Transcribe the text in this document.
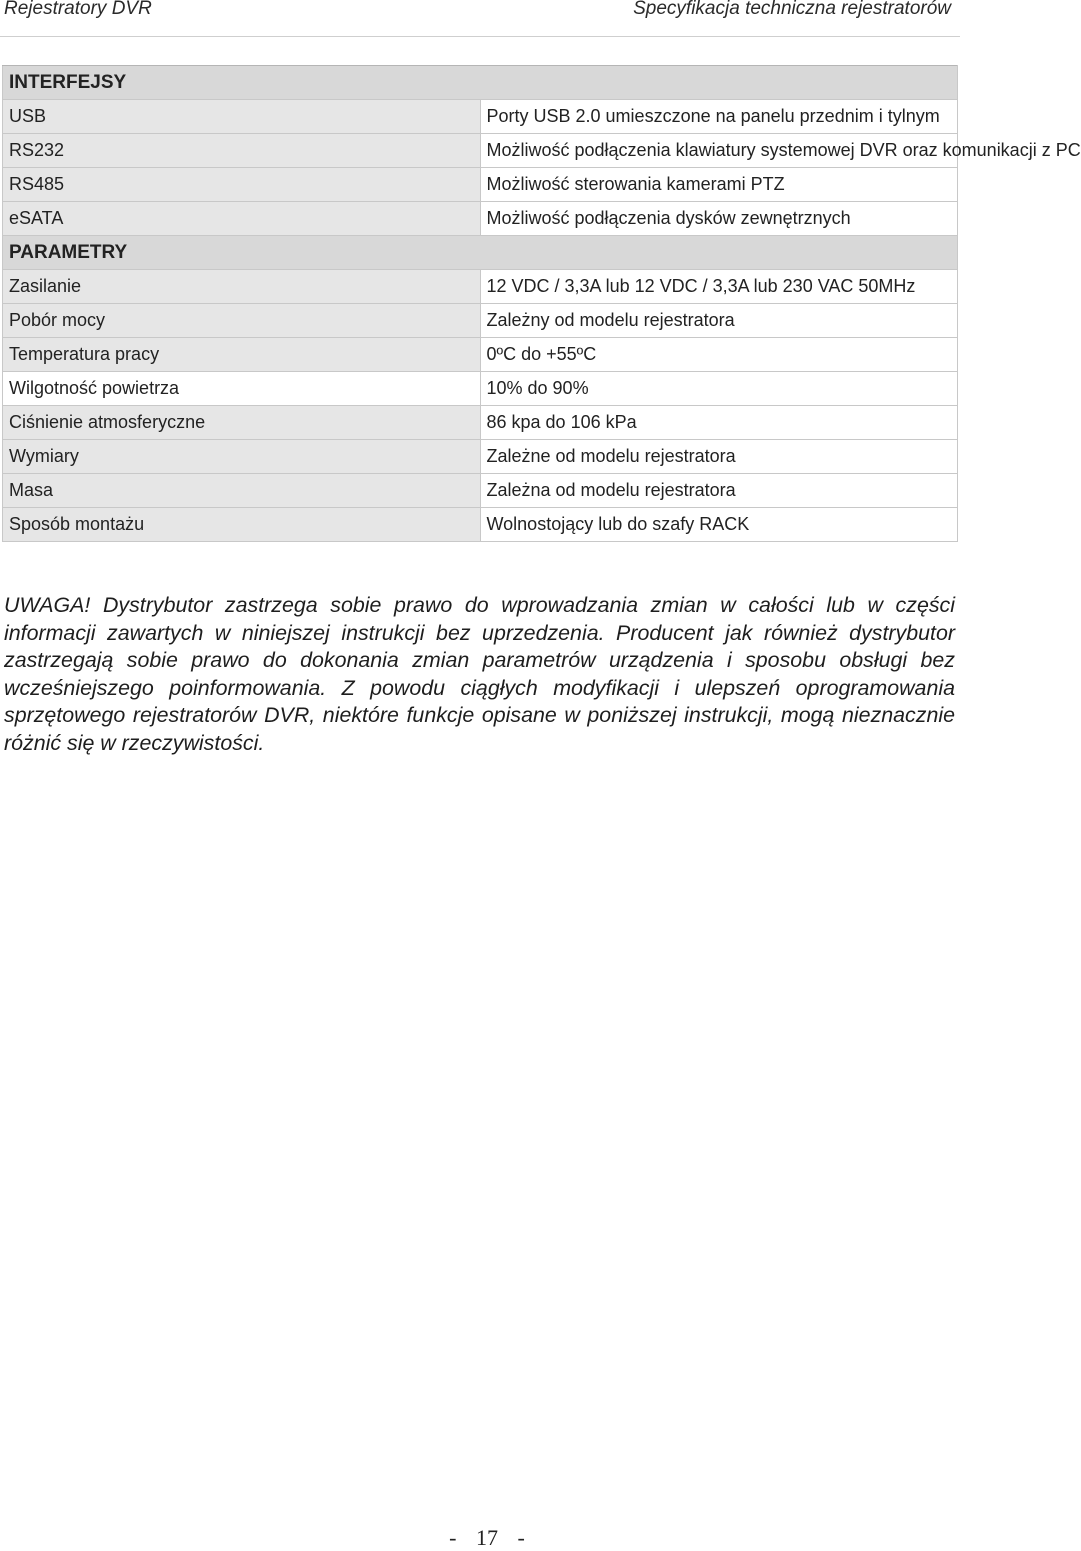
Rejestratory DVR	Specyfikacja techniczna rejestratorów
INTERFEJSY	
USB	Porty USB 2.0 umieszczone na panelu przednim i tylnym
RS232	Możliwość podłączenia klawiatury systemowej DVR oraz komunikacji z PC
RS485	Możliwość sterowania kamerami PTZ
eSATA	Możliwość podłączenia dysków zewnętrznych
PARAMETRY	
Zasilanie	12 VDC / 3,3A lub 12 VDC / 3,3A lub 230 VAC 50MHz
Pobór mocy	Zależny od modelu rejestratora
Temperatura pracy	0ºC do +55ºC
Wilgotność powietrza	10% do 90%
Ciśnienie atmosferyczne	86 kpa do 106 kPa
Wymiary	Zależne od modelu rejestratora
Masa	Zależna od modelu rejestratora
Sposób montażu	Wolnostojący lub do szafy RACK

UWAGA! Dystrybutor zastrzega sobie prawo do wprowadzania zmian w całości lub w części informacji zawartych w niniejszej instrukcji bez uprzedzenia. Producent jak również dystrybutor zastrzegają sobie prawo do dokonania zmian parametrów urządzenia i sposobu obsługi bez wcześniejszego poinformowania. Z powodu ciągłych modyfikacji i ulepszeń oprogramowania sprzętowego rejestratorów DVR, niektóre funkcje opisane w poniższej instrukcji, mogą nieznacznie różnić się w rzeczywistości.

- 17 -
